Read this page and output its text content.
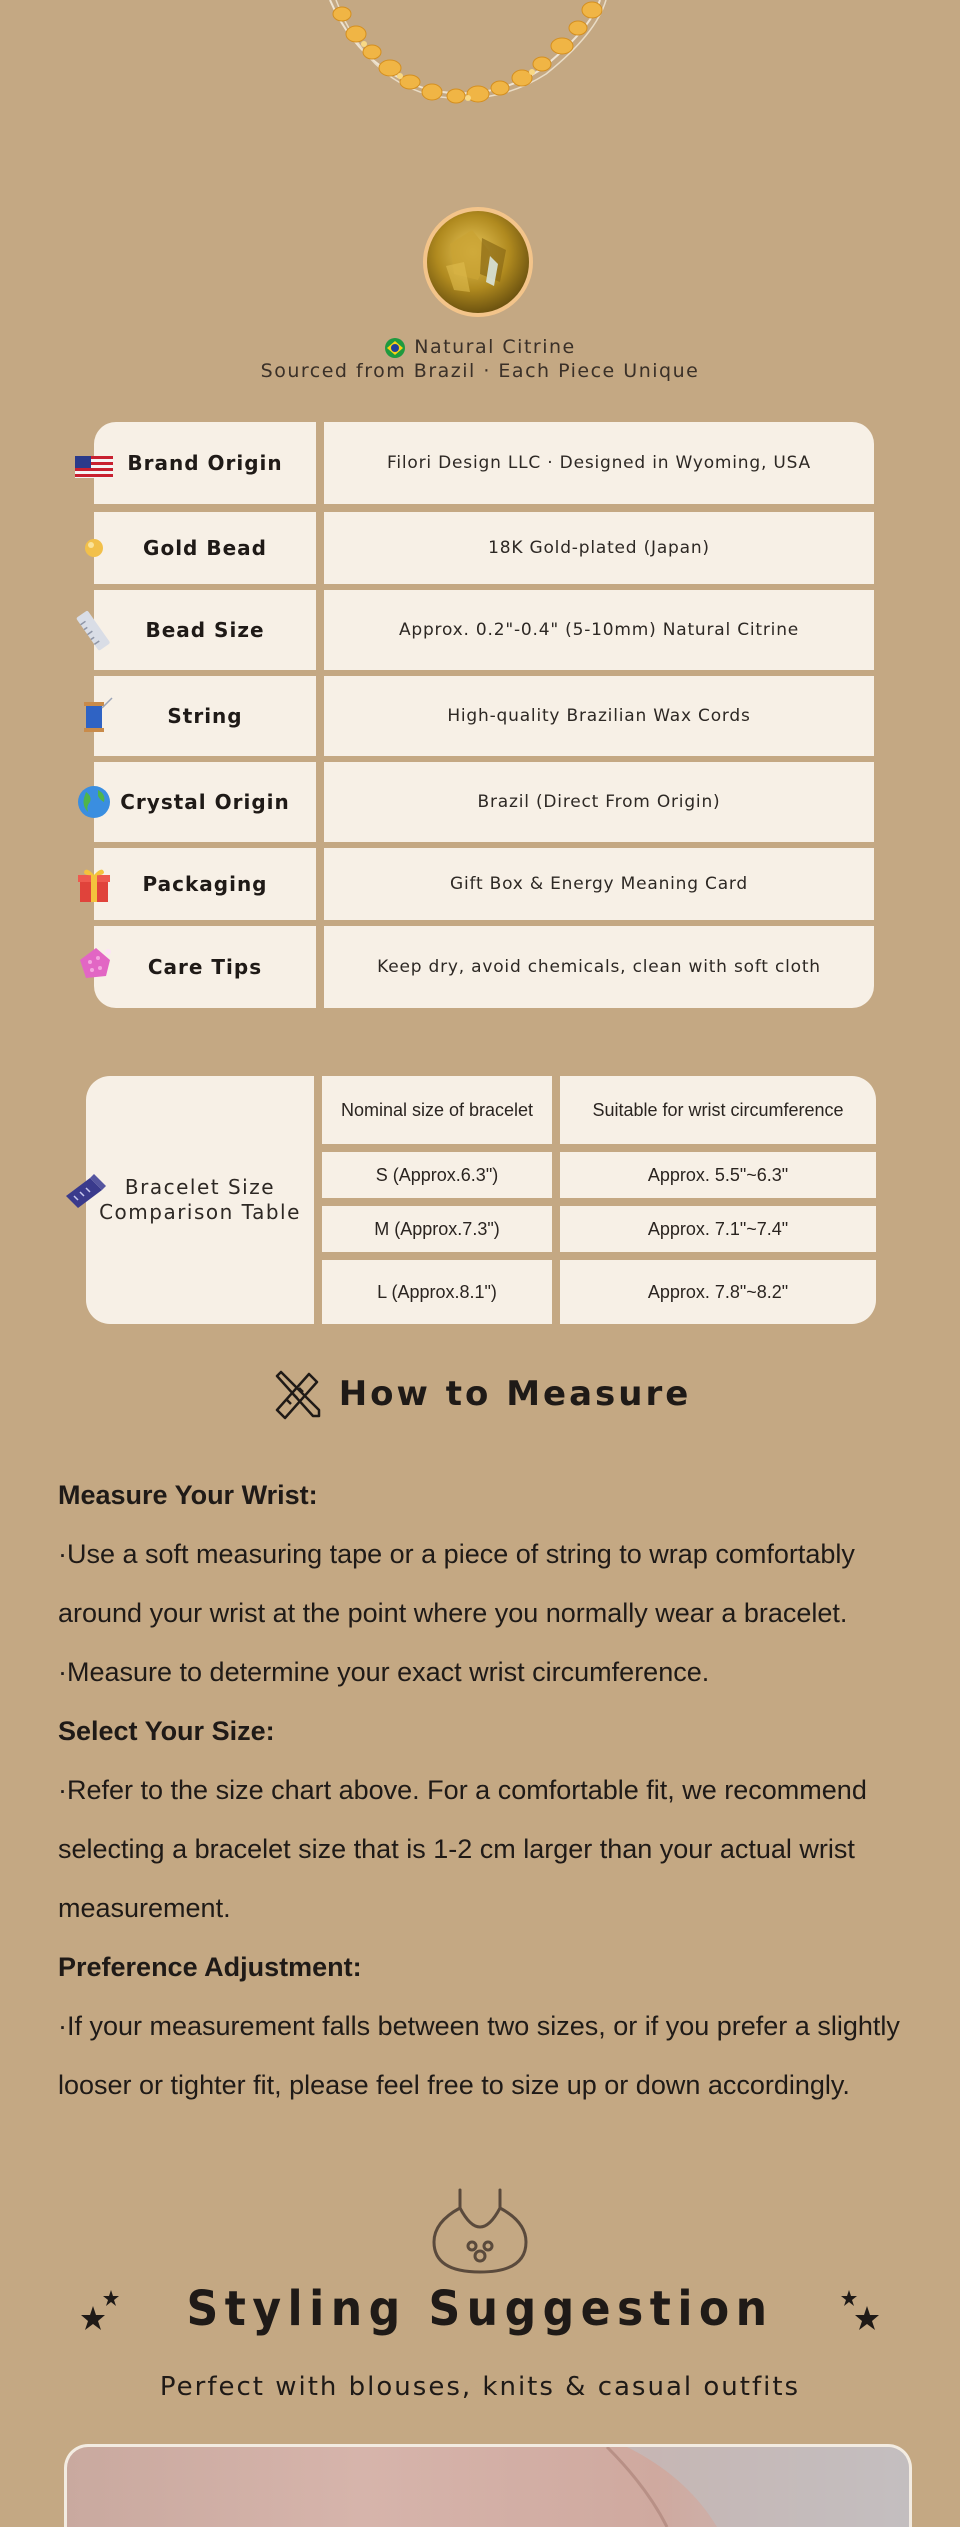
Natural Citrine
Sourced from Brazil · Each Piece Unique
Brand Origin	Filori Design LLC · Designed in Wyoming, USA
Gold Bead	18K Gold-plated (Japan)
Bead Size	Approx. 0.2"-0.4" (5-10mm) Natural Citrine
String	High-quality Brazilian Wax Cords
Crystal Origin	Brazil (Direct From Origin)
Packaging	Gift Box & Energy Meaning Card
Care Tips	Keep dry, avoid chemicals, clean with soft cloth
Bracelet Size
Comparison Table
Nominal size of bracelet	Suitable for wrist circumference
S (Approx.6.3")	Approx. 5.5"~6.3"
M (Approx.7.3")	Approx. 7.1"~7.4"
L (Approx.8.1")	Approx. 7.8"~8.2"
How to Measure

Measure Your Wrist:

·Use a soft measuring tape or a piece of string to wrap comfortably

around your wrist at the point where you normally wear a bracelet.

·Measure to determine your exact wrist circumference.

Select Your Size:

·Refer to the size chart above. For a comfortable fit, we recommend

selecting a bracelet size that is 1-2 cm larger than your actual wrist

measurement.

Preference Adjustment:

·If your measurement falls between two sizes, or if you prefer a slightly

looser or tighter fit, please feel free to size up or down accordingly.

Styling Suggestion
Perfect with blouses, knits & casual outfits
